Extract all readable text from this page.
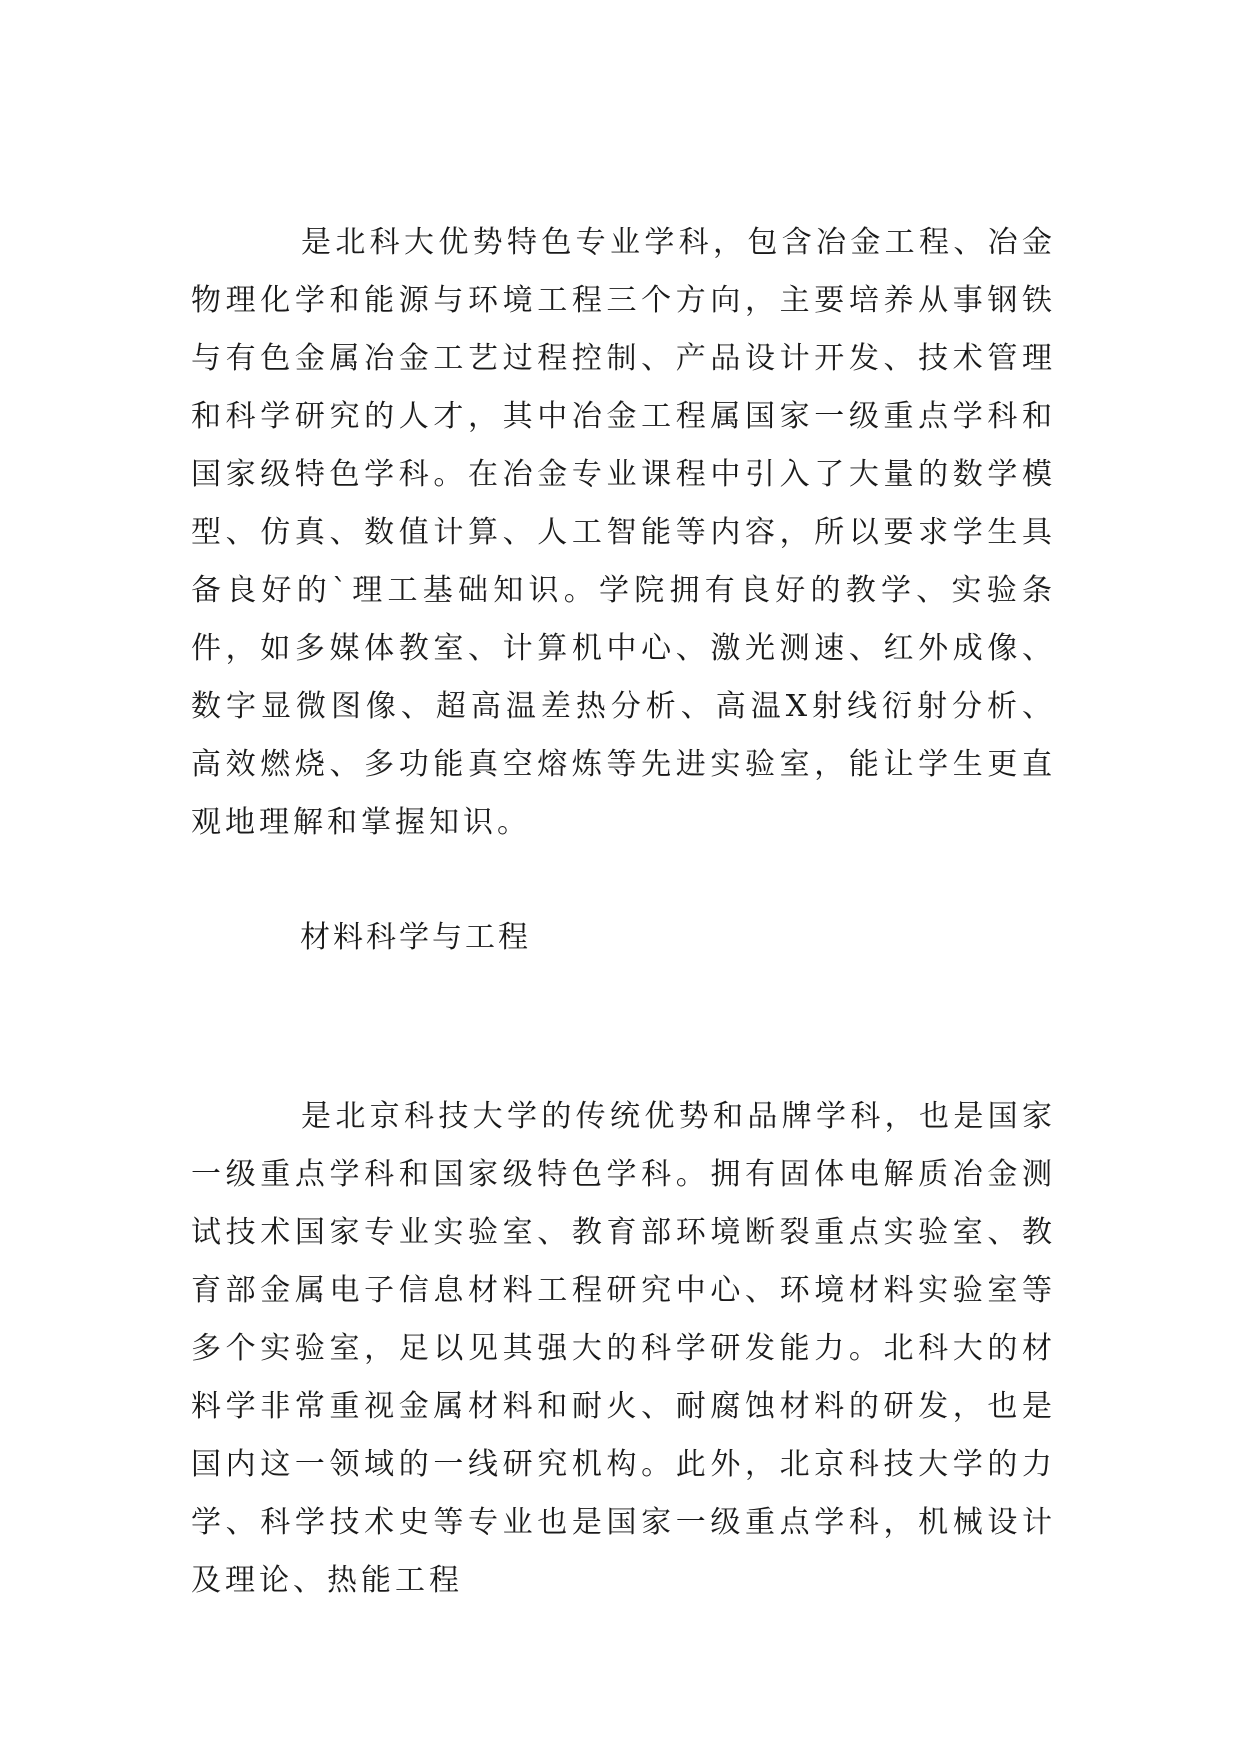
是北科大优势特色专业学科，包含冶金工程、冶金物理化学和能源与环境工程三个方向，主要培养从事钢铁与有色金属冶金工艺过程控制、产品设计开发、技术管理和科学研究的人才，其中冶金工程属国家一级重点学科和国家级特色学科。在冶金专业课程中引入了大量的数学模型、仿真、数值计算、人工智能等内容，所以要求学生具备良好的`理工基础知识。学院拥有良好的教学、实验条件，如多媒体教室、计算机中心、激光测速、红外成像、数字显微图像、超高温差热分析、高温X射线衍射分析、高效燃烧、多功能真空熔炼等先进实验室，能让学生更直观地理解和掌握知识。

材料科学与工程

是北京科技大学的传统优势和品牌学科，也是国家一级重点学科和国家级特色学科。拥有固体电解质冶金测试技术国家专业实验室、教育部环境断裂重点实验室、教育部金属电子信息材料工程研究中心、环境材料实验室等多个实验室，足以见其强大的科学研发能力。北科大的材料学非常重视金属材料和耐火、耐腐蚀材料的研发，也是国内这一领域的一线研究机构。此外，北京科技大学的力学、科学技术史等专业也是国家一级重点学科，机械设计及理论、热能工程
